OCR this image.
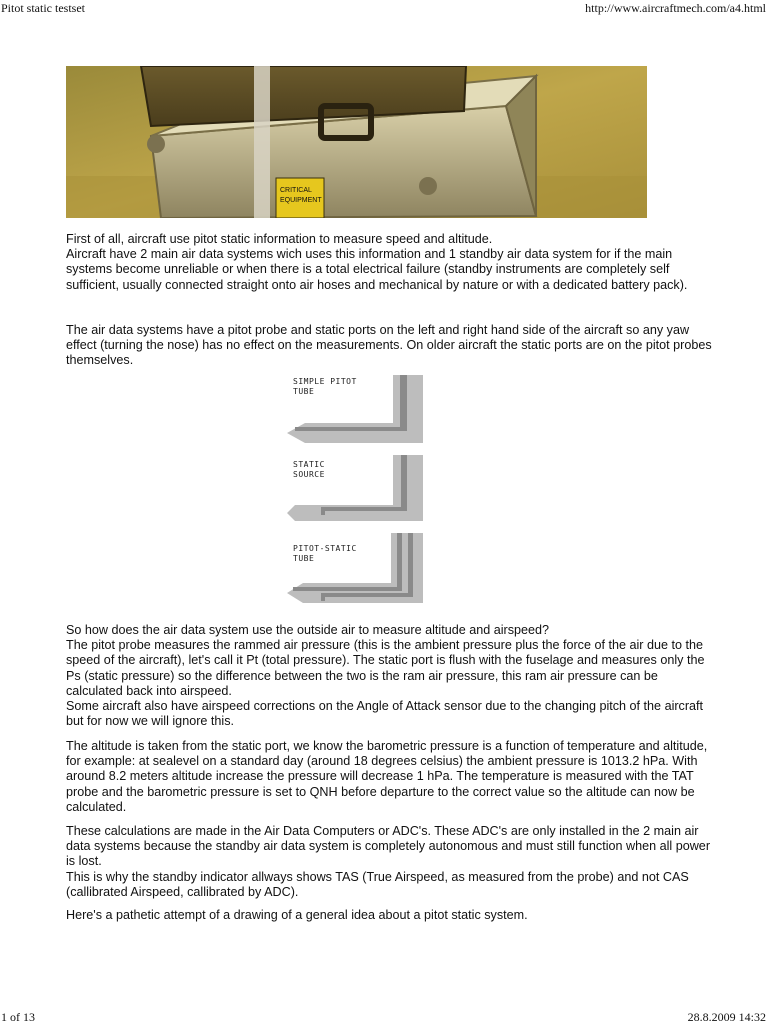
Pitot static testset	http://www.aircraftmech.com/a4.html
CRITICAL
EQUIPMENT
First of all, aircraft use pitot static information to measure speed and altitude.
Aircraft have 2 main air data systems wich uses this information and 1 standby air data system for if the main systems become unreliable or when there is a total electrical failure (standby instruments are completely self sufficient, usually connected straight onto air hoses and mechanical by nature or with a dedicated battery pack).
The air data systems have a pitot probe and static ports on the left and right hand side of the aircraft so any yaw effect (turning the nose) has no effect on the measurements. On older aircraft the static ports are on the pitot probes themselves.
SIMPLE PITOT
TUBE
STATIC
SOURCE
PITOT-STATIC
TUBE
So how does the air data system use the outside air to measure altitude and airspeed?
The pitot probe measures the rammed air pressure (this is the ambient pressure plus the force of the air due to the speed of the aircraft), let's call it Pt (total pressure). The static port is flush with the fuselage and measures only the Ps (static pressure) so the difference between the two is the ram air pressure, this ram air pressure can be calculated back into airspeed.
Some aircraft also have airspeed corrections on the Angle of Attack sensor due to the changing pitch of the aircraft but for now we will ignore this.
The altitude is taken from the static port, we know the barometric pressure is a function of temperature and altitude, for example: at sealevel on a standard day (around 18 degrees celsius) the ambient pressure is 1013.2 hPa. With around 8.2 meters altitude increase the pressure will decrease 1 hPa. The temperature is measured with the TAT probe and the barometric pressure is set to QNH before departure to the correct value so the altitude can now be calculated.
These calculations are made in the Air Data Computers or ADC's. These ADC's are only installed in the 2 main air data systems because the standby air data system is completely autonomous and must still function when all power is lost.
This is why the standby indicator allways shows TAS (True Airspeed, as measured from the probe) and not CAS (callibrated Airspeed, callibrated by ADC).
Here's a pathetic attempt of a drawing of a general idea about a pitot static system.
1 of 13	28.8.2009 14:32
